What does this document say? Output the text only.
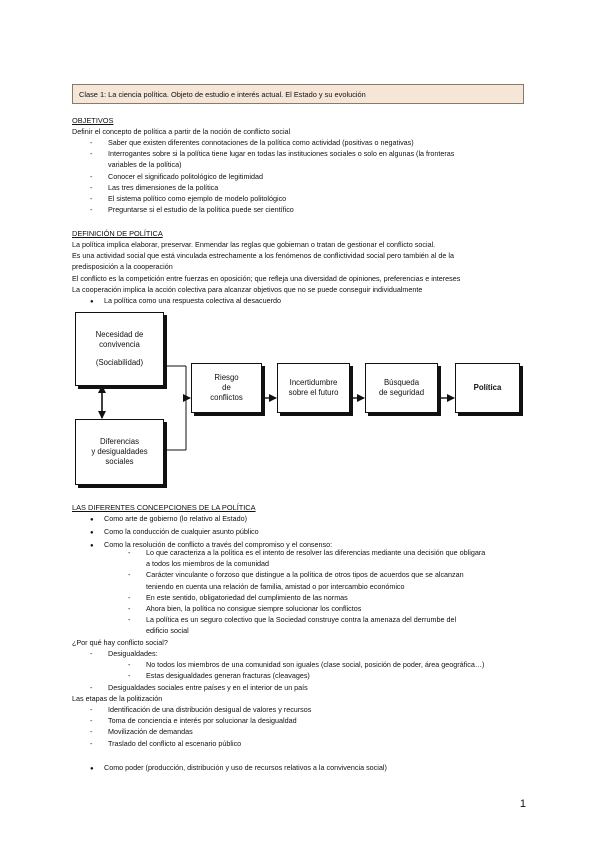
Clase 1: La ciencia política. Objeto de estudio e interés actual. El Estado y su evolución
OBJETIVOS
Definir el concepto de política a partir de la noción de conflicto social
- Saber que existen diferentes connotaciones de la política como actividad (positivas o negativas)
- Interrogantes sobre si la política tiene lugar en todas las instituciones sociales o solo en algunas (la fronteras
variables de la política)
- Conocer el significado politológico de legitimidad
- Las tres dimensiones de la política
- El sistema político como ejemplo de modelo politológico
- Preguntarse si el estudio de la política puede ser científico
DEFINICIÓN DE POLÍTICA
La política implica elaborar, preservar. Enmendar las reglas que gobiernan o tratan de gestionar el conflicto social.
Es una actividad social que está vinculada estrechamente a los fenómenos de conflictividad social pero también al de la
predisposición a la cooperación
El conflicto es la competición entre fuerzas en oposición; que refleja una diversidad de opiniones, preferencias e intereses
La cooperación implica la acción colectiva para alcanzar objetivos que no se puede conseguir individualmente
● La política como una respuesta colectiva al desacuerdo
Necesidad de
convivencia
(Sociabilidad)
Diferencias
y desigualdades
sociales
Riesgo
de
conflictos
Incertidumbre
sobre el futuro
Búsqueda
de seguridad
Política
LAS DIFERENTES CONCEPCIONES DE LA POLÍTICA
● Como arte de gobierno (lo relativo al Estado)
● Como la conducción de cualquier asunto público
● Como la resolución de conflicto a través del compromiso y el consenso:
- Lo que caracteriza a la política es el intento de resolver las diferencias mediante una decisión que obligara
a todos los miembros de la comunidad
- Carácter vinculante o forzoso que distingue a la política de otros tipos de acuerdos que se alcanzan
teniendo en cuenta una relación de familia, amistad o por intercambio económico
- En este sentido, obligatoriedad del cumplimiento de las normas
- Ahora bien, la política no consigue siempre solucionar los conflictos
- La política es un seguro colectivo que la Sociedad construye contra la amenaza del derrumbe del
edificio social
¿Por qué hay conflicto social?
- Desigualdades:
- No todos los miembros de una comunidad son iguales (clase social, posición de poder, área geográfica…)
- Estas desigualdades generan fracturas (cleavages)
- Desigualdades sociales entre países y en el interior de un país
Las etapas de la politización
- Identificación de una distribución desigual de valores y recursos
- Toma de conciencia e interés por solucionar la desigualdad
- Movilización de demandas
- Traslado del conflicto al escenario público
● Como poder (producción, distribución y uso de recursos relativos a la convivencia social)
1
